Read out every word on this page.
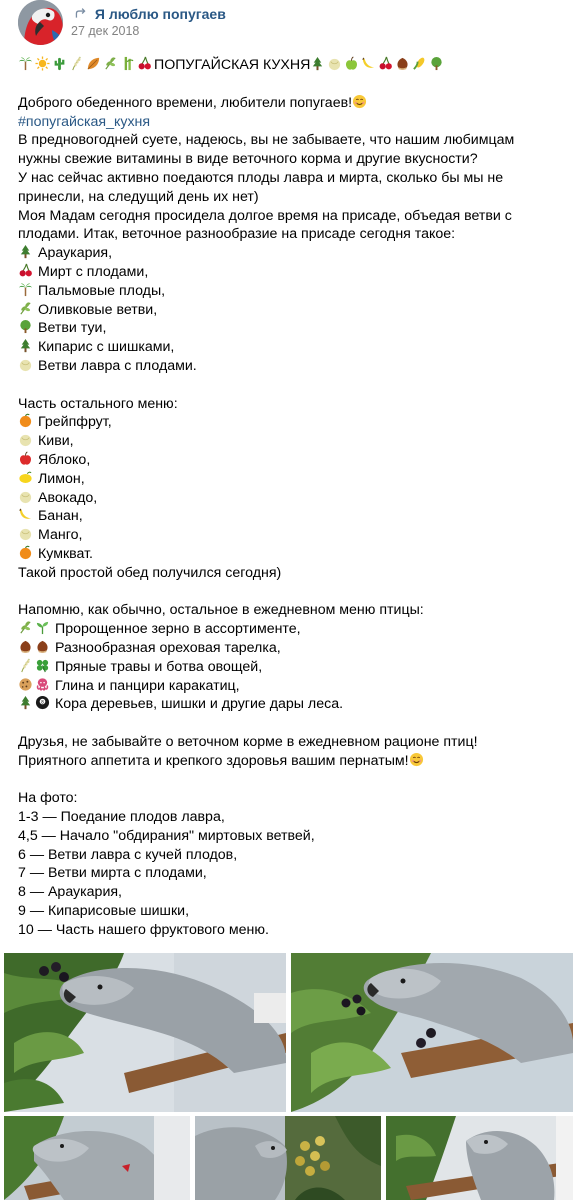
Я люблю попугаев
27 дек 2018
ПОПУГАЙСКАЯ КУХНЯ
Доброго обеденного времени, любители попугаев!
#попугайская_кухня
В предновогодней суете, надеюсь, вы не забываете, что нашим любимцам
нужны свежие витамины в виде веточного корма и другие вкусности?
У нас сейчас активно поедаются плоды лавра и мирта, сколько бы мы не
принесли, на следущий день их нет)
Моя Мадам сегодня просидела долгое время на присаде, объедая ветви с
плодами. Итак, веточное разнообразие на присаде сегодня такое:
Араукария,
Мирт с плодами,
Пальмовые плоды,
Оливковые ветви,
Ветви туи,
Кипарис с шишками,
Ветви лавра с плодами.
Часть остального меню:
Грейпфрут,
Киви,
Яблоко,
Лимон,
Авокадо,
Банан,
Манго,
Кумкват.
Такой простой обед получился сегодня)
Напомню, как обычно, остальное в ежедневном меню птицы:
Пророщенное зерно в ассортименте,
Разнообразная ореховая тарелка,
Пряные травы и ботва овощей,
Глина и панцири каракатиц,
Кора деревьев, шишки и другие дары леса.
Друзья, не забывайте о веточном корме в ежедневном рационе птиц!
Приятного аппетита и крепкого здоровья вашим пернатым!
На фото:
1-3 — Поедание плодов лавра,
4,5 — Начало "обдирания" миртовых ветвей,
6 — Ветви лавра с кучей плодов,
7 — Ветви мирта с плодами,
8 — Араукария,
9 — Кипарисовые шишки,
10 — Часть нашего фруктового меню.
